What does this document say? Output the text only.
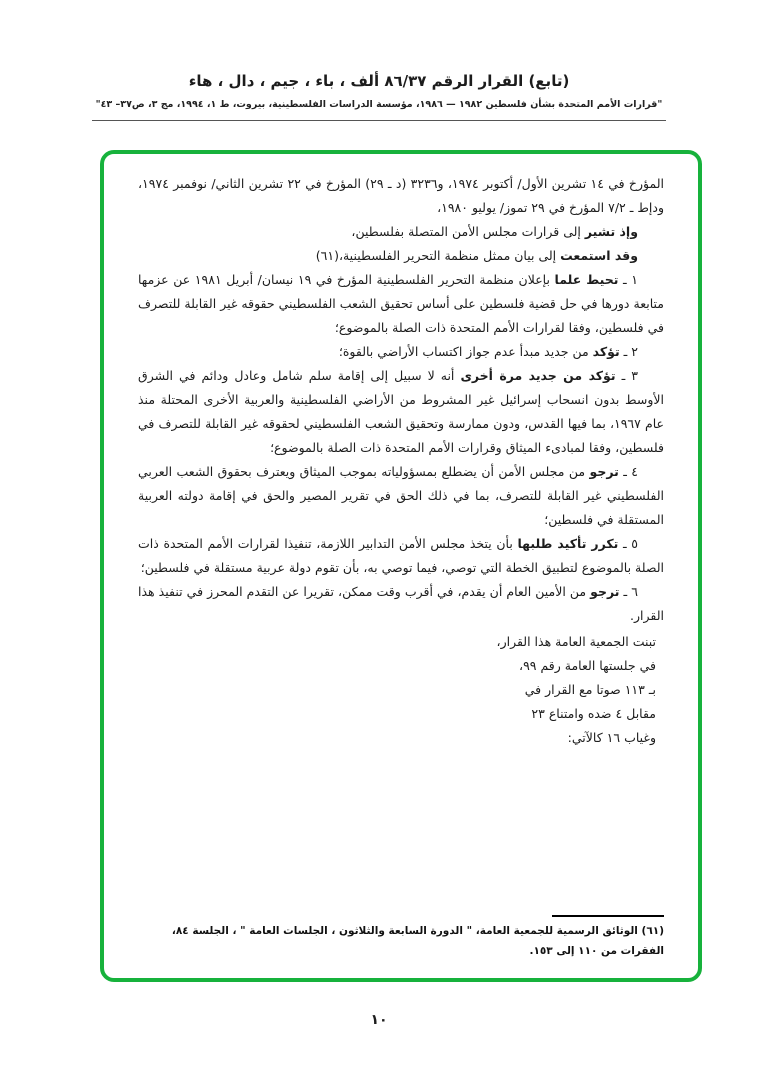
(تابع) القرار الرقم ٨٦/٣٧ ألف ، باء ، جيم ، دال ، هاء
"قرارات الأمم المتحدة بشأن فلسطين ١٩٨٢ — ١٩٨٦، مؤسسة الدراسات الفلسطينية، بيروت، ط ١، ١٩٩٤، مج ٣، ص٣٧– ٤٣"
المؤرخ في ١٤ تشرين الأول/ أكتوبر ١٩٧٤، و٣٢٣٦ (د ـ ٢٩) المؤرخ في ٢٢ تشرين الثاني/ نوفمبر ١٩٧٤، ودإط ـ ٧/٢ المؤرخ في ٢٩ تموز/ يوليو ١٩٨٠،
وإذ تشير إلى قرارات مجلس الأمن المتصلة بفلسطين،
وقد استمعت إلى بيان ممثل منظمة التحرير الفلسطينية،(٦١)
١ ـ تحيط علما بإعلان منظمة التحرير الفلسطينية المؤرخ في ١٩ نيسان/ أبريل ١٩٨١ عن عزمها متابعة دورها في حل قضية فلسطين على أساس تحقيق الشعب الفلسطيني حقوقه غير القابلة للتصرف في فلسطين، وفقا لقرارات الأمم المتحدة ذات الصلة بالموضوع؛
٢ ـ تؤكد من جديد مبدأ عدم جواز اكتساب الأراضي بالقوة؛
٣ ـ تؤكد من جديد مرة أخرى أنه لا سبيل إلى إقامة سلم شامل وعادل ودائم في الشرق الأوسط بدون انسحاب إسرائيل غير المشروط من الأراضي الفلسطينية والعربية الأخرى المحتلة منذ عام ١٩٦٧، بما فيها القدس، ودون ممارسة وتحقيق الشعب الفلسطيني لحقوقه غير القابلة للتصرف في فلسطين، وفقا لمبادىء الميثاق وقرارات الأمم المتحدة ذات الصلة بالموضوع؛
٤ ـ ترجو من مجلس الأمن أن يضطلع بمسؤولياته بموجب الميثاق ويعترف بحقوق الشعب العربي الفلسطيني غير القابلة للتصرف، بما في ذلك الحق في تقرير المصير والحق في إقامة دولته العربية المستقلة في فلسطين؛
٥ ـ تكرر تأكيد طلبها بأن يتخذ مجلس الأمن التدابير اللازمة، تنفيذا لقرارات الأمم المتحدة ذات الصلة بالموضوع لتطبيق الخطة التي توصي، فيما توصي به، بأن تقوم دولة عربية مستقلة في فلسطين؛
٦ ـ ترجو من الأمين العام أن يقدم، في أقرب وقت ممكن، تقريرا عن التقدم المحرز في تنفيذ هذا القرار.
تبنت الجمعية العامة هذا القرار،
في جلستها العامة رقم ٩٩،
بـ ١١٣ صوتا مع القرار في
مقابل ٤ ضده وامتناع ٢٣
وغياب ١٦ كالآتي:
(٦١) الوثائق الرسمية للجمعية العامة، " الدورة السابعة والثلاثون ، الجلسات العامة " ، الجلسة ٨٤، الفقرات من ١١٠ إلى ١٥٣.
١٠
